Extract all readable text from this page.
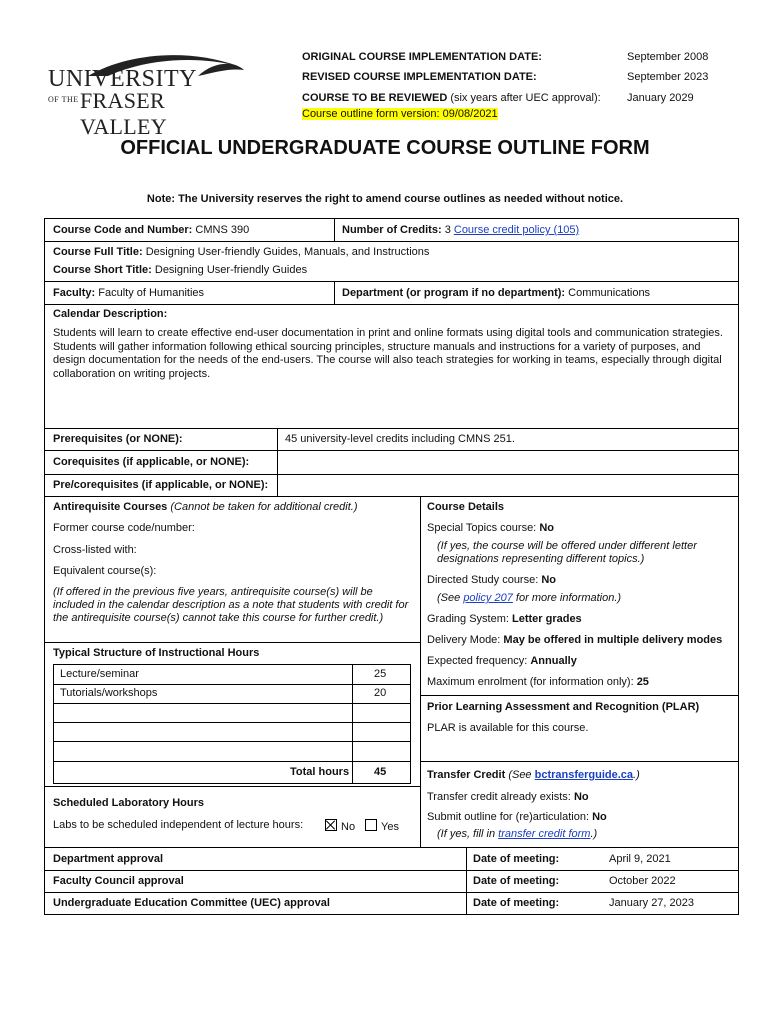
UNIVERSITY
OF THE FRASER VALLEY
ORIGINAL COURSE IMPLEMENTATION DATE:	September 2008
REVISED COURSE IMPLEMENTATION DATE:	September 2023
COURSE TO BE REVIEWED (six years after UEC approval): January 2029
Course outline form version: 09/08/2021
OFFICIAL UNDERGRADUATE COURSE OUTLINE FORM
Note: The University reserves the right to amend course outlines as needed without notice.
Course Code and Number: CMNS 390	Number of Credits: 3 Course credit policy (105)
Course Full Title: Designing User-friendly Guides, Manuals, and Instructions
Course Short Title: Designing User-friendly Guides
Faculty: Faculty of Humanities	Department (or program if no department): Communications
Calendar Description:
Students will learn to create effective end-user documentation in print and online formats using digital tools and communication strategies. Students will gather information following ethical sourcing principles, structure manuals and instructions for a variety of purposes, and design documentation for the needs of the end-users. The course will also teach strategies for working in teams, especially through digital collaboration on writing projects.
Prerequisites (or NONE):	45 university-level credits including CMNS 251.
Corequisites (if applicable, or NONE):
Pre/corequisites (if applicable, or NONE):
Antirequisite Courses (Cannot be taken for additional credit.)
Former course code/number:
Cross-listed with:
Equivalent course(s):
(If offered in the previous five years, antirequisite course(s) will be included in the calendar description as a note that students with credit for the antirequisite course(s) cannot take this course for further credit.)
Typical Structure of Instructional Hours
Lecture/seminar	25
Tutorials/workshops	20
Total hours 45
Scheduled Laboratory Hours
Labs to be scheduled independent of lecture hours:	No	Yes
Course Details
Special Topics course: No
(If yes, the course will be offered under different letter
designations representing different topics.)
Directed Study course: No
(See policy 207 for more information.)
Grading System: Letter grades
Delivery Mode: May be offered in multiple delivery modes
Expected frequency: Annually
Maximum enrolment (for information only): 25
Prior Learning Assessment and Recognition (PLAR)
PLAR is available for this course.
Transfer Credit (See bctransferguide.ca.)
Transfer credit already exists: No
Submit outline for (re)articulation: No
(If yes, fill in transfer credit form.)
Department approval	Date of meeting:	April 9, 2021
Faculty Council approval	Date of meeting:	October 2022
Undergraduate Education Committee (UEC) approval	Date of meeting:	January 27, 2023
